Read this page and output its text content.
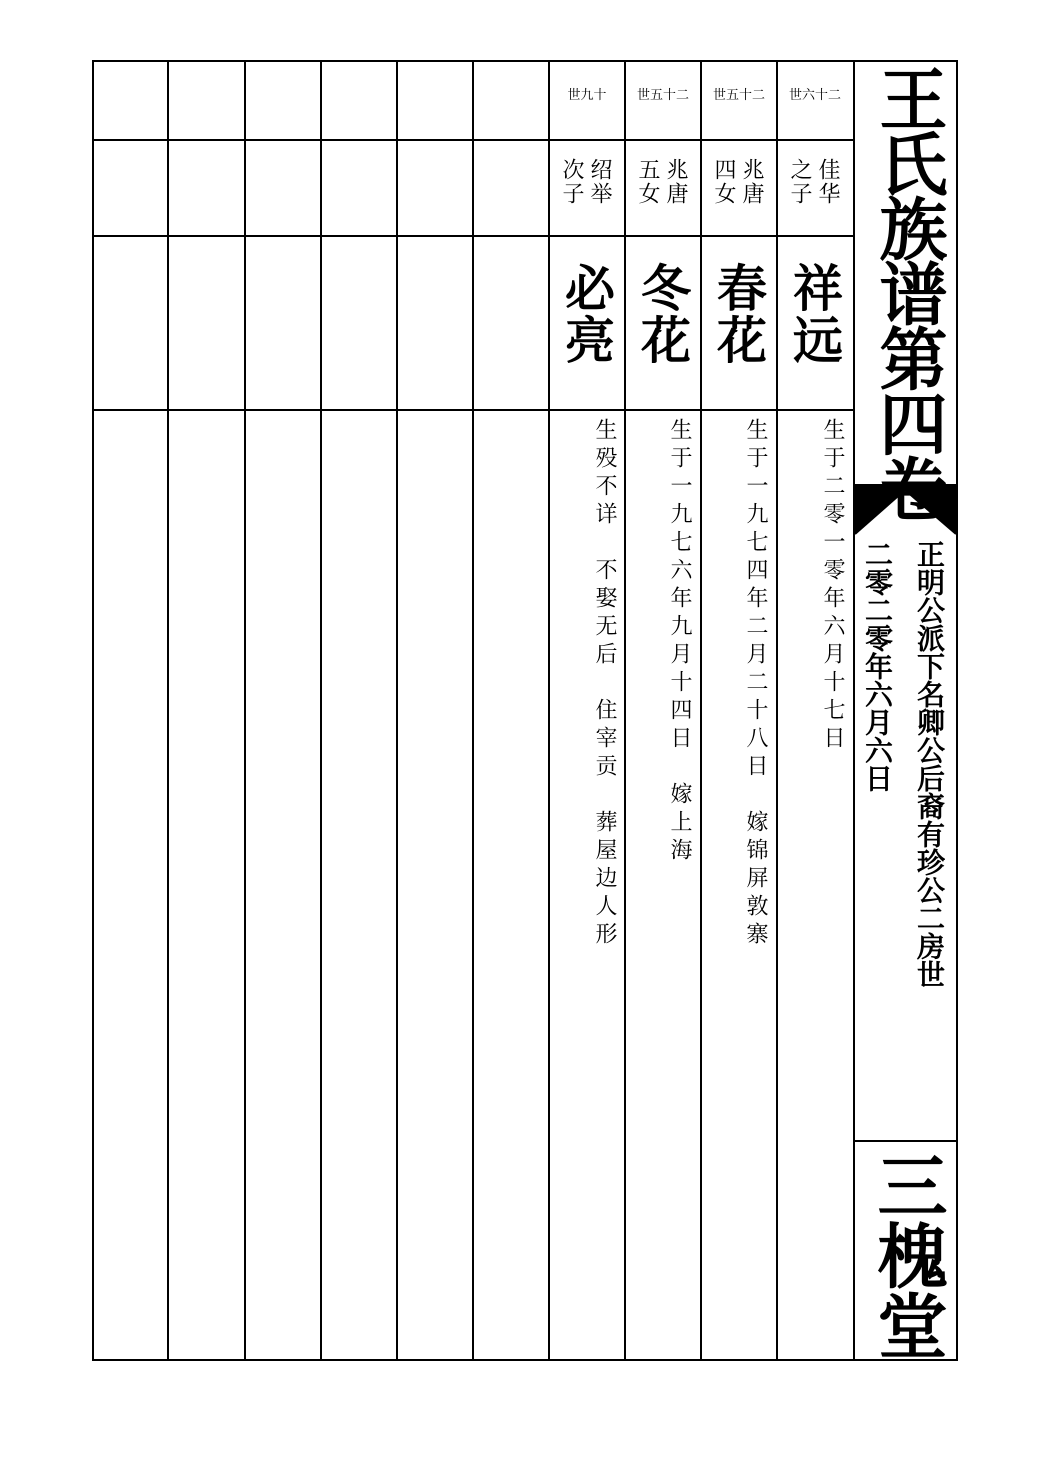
王氏族谱第四卷
正明公派下名卿公后裔有珍公二房世
二零二零年六月六日
三槐堂
世六十二
佳华
之子
祥远
生于二零一零年六月十七日
世五十二
兆唐
四女
春花
生于一九七四年二月二十八日　嫁锦屏敦寨
世五十二
兆唐
五女
冬花
生于一九七六年九月十四日　嫁上海
世九十
绍举
次子
必亮
生殁不详　不娶无后　住宰贡　葬屋边人形
